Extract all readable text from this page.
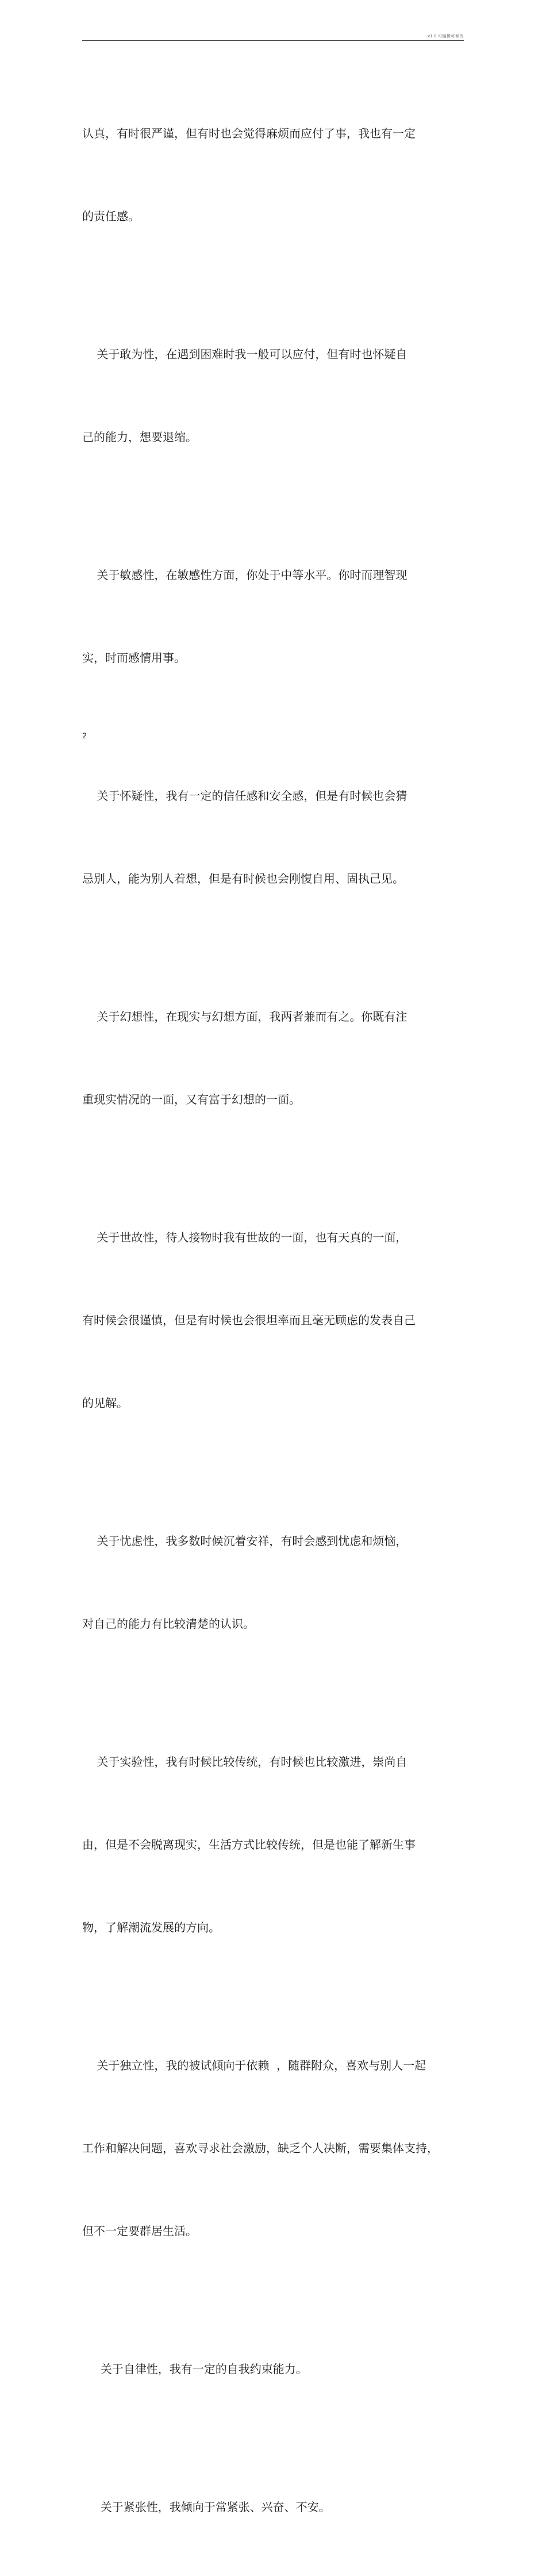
v1.0 可编辑可修改

认真，有时很严谨，但有时也会觉得麻烦而应付了事，我也有一定

的责任感。

关于敢为性，在遇到困难时我一般可以应付，但有时也怀疑自

己的能力，想要退缩。

关于敏感性，在敏感性方面，你处于中等水平。你时而理智现

实，时而感情用事。

关于怀疑性，我有一定的信任感和安全感，但是有时候也会猜

忌别人，能为别人着想，但是有时候也会刚愎自用、固执己见。

关于幻想性，在现实与幻想方面，我两者兼而有之。你既有注

重现实情况的一面，又有富于幻想的一面。

关于世故性，待人接物时我有世故的一面，也有天真的一面，

有时候会很谨慎，但是有时候也会很坦率而且毫无顾虑的发表自己

的见解。

关于忧虑性，我多数时候沉着安祥，有时会感到忧虑和烦恼，

对自己的能力有比较清楚的认识。

关于实验性，我有时候比较传统，有时候也比较激进，崇尚自

由，但是不会脱离现实，生活方式比较传统，但是也能了解新生事

物，了解潮流发展的方向。

关于独立性，我的被试倾向于依赖  ，随群附众，喜欢与别人一起

工作和解决问题，喜欢寻求社会激励，缺乏个人决断，需要集体支持，

但不一定要群居生活。

关于自律性，我有一定的自我约束能力。

关于紧张性，我倾向于常紧张、兴奋、不安。

2
